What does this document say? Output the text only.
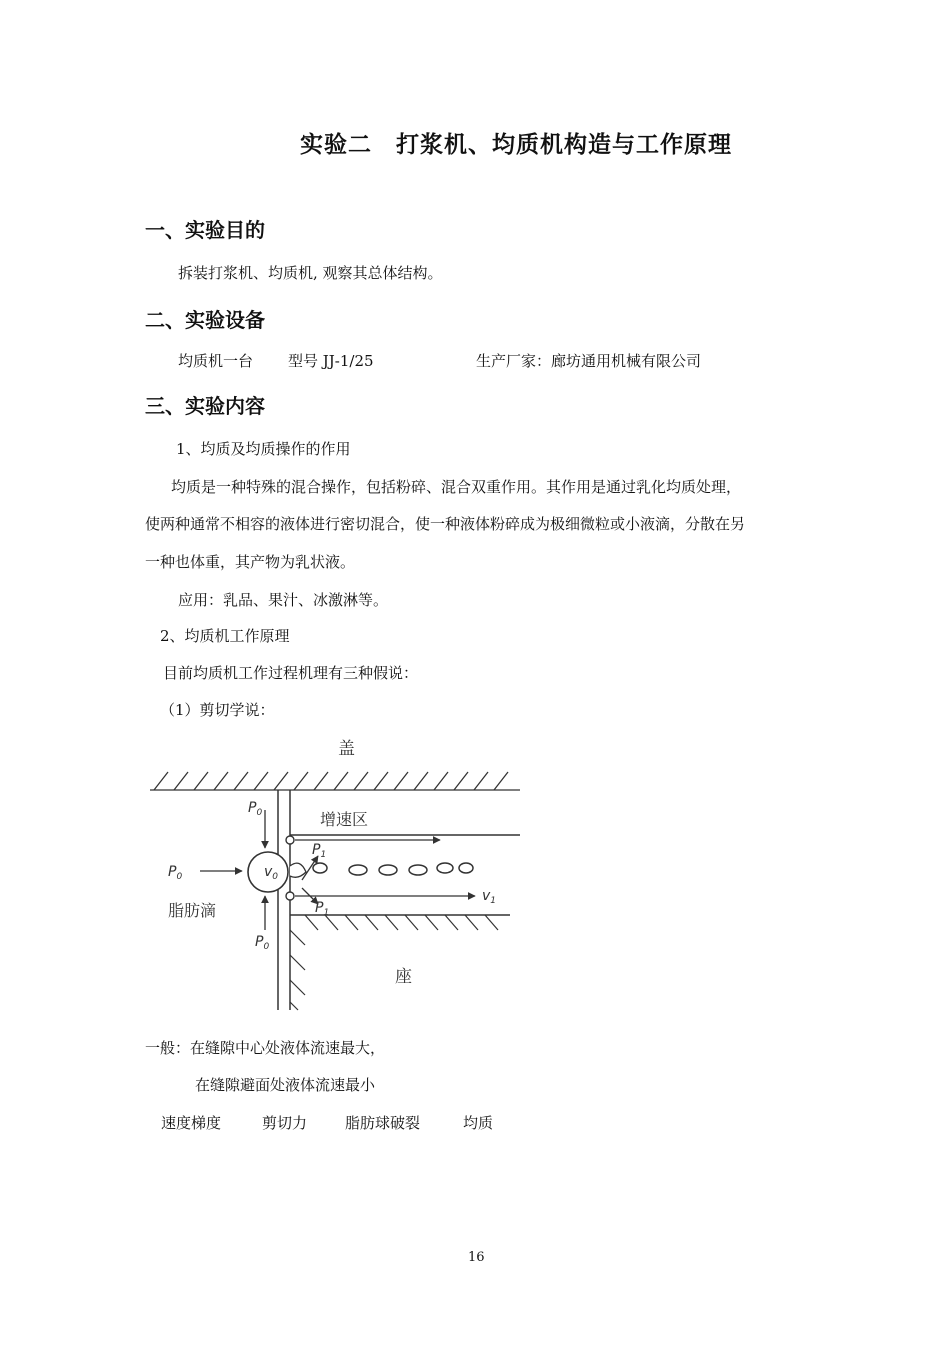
实验二　打浆机、均质机构造与工作原理
一、实验目的
拆装打浆机、均质机, 观察其总体结构。
二、实验设备
均质机一台 型号 JJ-1/25	生产厂家：廊坊通用机械有限公司
三、实验内容
1、均质及均质操作的作用
均质是一种特殊的混合操作，包括粉碎、混合双重作用。其作用是通过乳化均质处理，
使两种通常不相容的液体进行密切混合，使一种液体粉碎成为极细微粒或小液滴，分散在另
一种也体重，其产物为乳状液。
应用：乳品、果汁、冰激淋等。
2、均质机工作原理
目前均质机工作过程机理有三种假说：
（1）剪切学说：
盖
座
增速区
脂肪滴
$P_0$
$P_0$
$P_0$
$P_1$
$P_1$
$v_0$
$v_1$
一般：在缝隙中心处液体流速最大，
在缝隙避面处液体流速最小
速度梯度	剪切力	脂肪球破裂	均质
16
